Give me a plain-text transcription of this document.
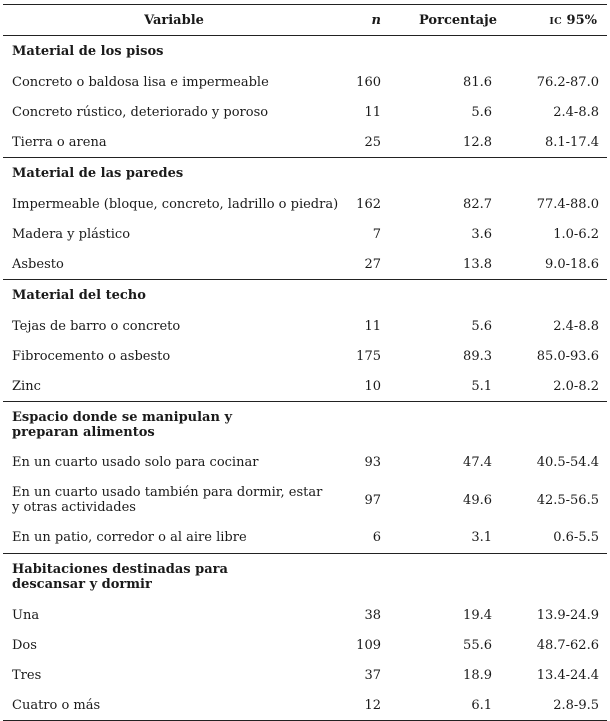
Variable	n	Porcentaje	IC 95%
Material de los pisos			
Concreto o baldosa lisa e impermeable	160	81.6	76.2-87.0
Concreto rústico, deteriorado y poroso	11	5.6	2.4-8.8
Tierra o arena	25	12.8	8.1-17.4
Material de las paredes			
Impermeable (bloque, concreto, ladrillo o piedra)	162	82.7	77.4-88.0
Madera y plástico	7	3.6	1.0-6.2
Asbesto	27	13.8	9.0-18.6
Material del techo			
Tejas de barro o concreto	11	5.6	2.4-8.8
Fibrocemento o asbesto	175	89.3	85.0-93.6
Zinc	10	5.1	2.0-8.2

Espacio donde se manipulan y preparan alimentos			

En un cuarto usado solo para cocinar	93	47.4	40.5-54.4

En un cuarto usado también para dormir, estar y otras actividades	97	49.6	42.5-56.5
En un patio, corredor o al aire libre	6	3.1	0.6-5.5

Habitaciones destinadas para descansar y dormir			

Una	38	19.4	13.9-24.9
Dos	109	55.6	48.7-62.6
Tres	37	18.9	13.4-24.4
Cuatro o más	12	6.1	2.8-9.5
